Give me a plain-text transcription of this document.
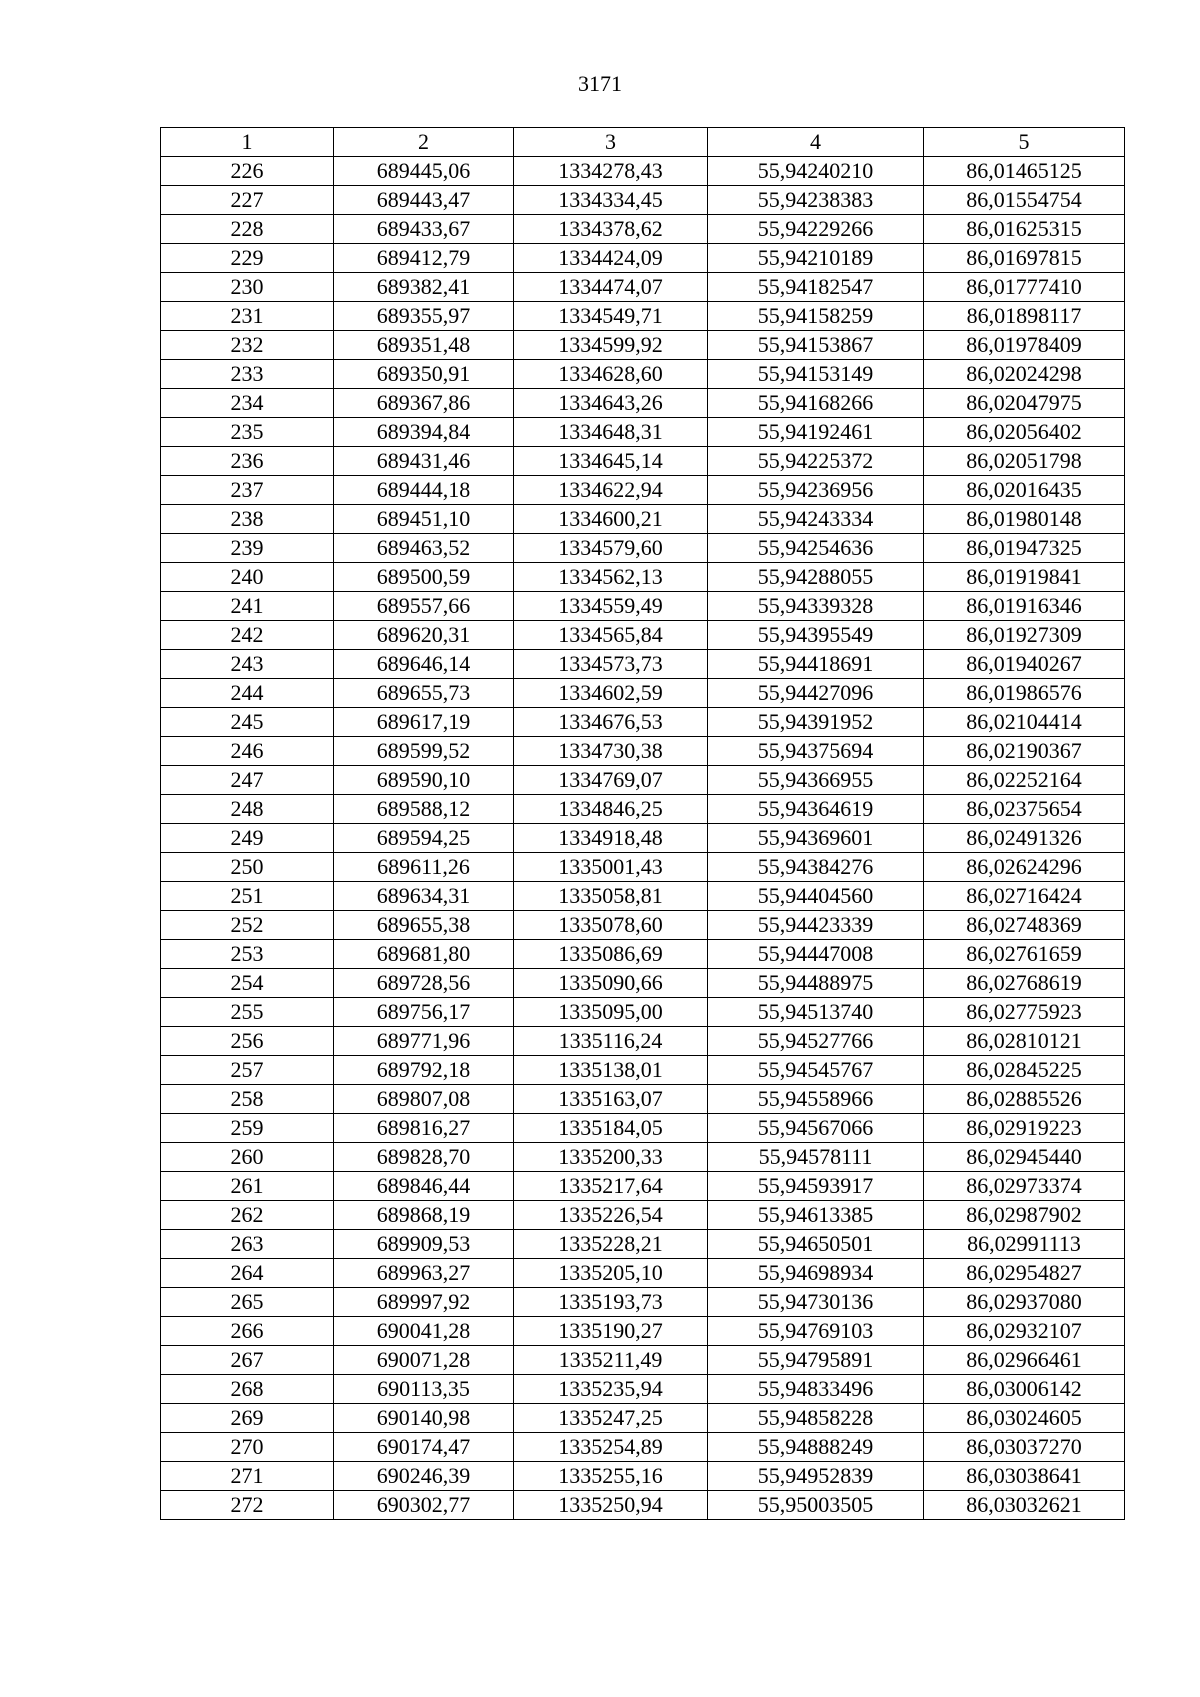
3171
1	2	3	4	5
226	689445,06	1334278,43	55,94240210	86,01465125
227	689443,47	1334334,45	55,94238383	86,01554754
228	689433,67	1334378,62	55,94229266	86,01625315
229	689412,79	1334424,09	55,94210189	86,01697815
230	689382,41	1334474,07	55,94182547	86,01777410
231	689355,97	1334549,71	55,94158259	86,01898117
232	689351,48	1334599,92	55,94153867	86,01978409
233	689350,91	1334628,60	55,94153149	86,02024298
234	689367,86	1334643,26	55,94168266	86,02047975
235	689394,84	1334648,31	55,94192461	86,02056402
236	689431,46	1334645,14	55,94225372	86,02051798
237	689444,18	1334622,94	55,94236956	86,02016435
238	689451,10	1334600,21	55,94243334	86,01980148
239	689463,52	1334579,60	55,94254636	86,01947325
240	689500,59	1334562,13	55,94288055	86,01919841
241	689557,66	1334559,49	55,94339328	86,01916346
242	689620,31	1334565,84	55,94395549	86,01927309
243	689646,14	1334573,73	55,94418691	86,01940267
244	689655,73	1334602,59	55,94427096	86,01986576
245	689617,19	1334676,53	55,94391952	86,02104414
246	689599,52	1334730,38	55,94375694	86,02190367
247	689590,10	1334769,07	55,94366955	86,02252164
248	689588,12	1334846,25	55,94364619	86,02375654
249	689594,25	1334918,48	55,94369601	86,02491326
250	689611,26	1335001,43	55,94384276	86,02624296
251	689634,31	1335058,81	55,94404560	86,02716424
252	689655,38	1335078,60	55,94423339	86,02748369
253	689681,80	1335086,69	55,94447008	86,02761659
254	689728,56	1335090,66	55,94488975	86,02768619
255	689756,17	1335095,00	55,94513740	86,02775923
256	689771,96	1335116,24	55,94527766	86,02810121
257	689792,18	1335138,01	55,94545767	86,02845225
258	689807,08	1335163,07	55,94558966	86,02885526
259	689816,27	1335184,05	55,94567066	86,02919223
260	689828,70	1335200,33	55,94578111	86,02945440
261	689846,44	1335217,64	55,94593917	86,02973374
262	689868,19	1335226,54	55,94613385	86,02987902
263	689909,53	1335228,21	55,94650501	86,02991113
264	689963,27	1335205,10	55,94698934	86,02954827
265	689997,92	1335193,73	55,94730136	86,02937080
266	690041,28	1335190,27	55,94769103	86,02932107
267	690071,28	1335211,49	55,94795891	86,02966461
268	690113,35	1335235,94	55,94833496	86,03006142
269	690140,98	1335247,25	55,94858228	86,03024605
270	690174,47	1335254,89	55,94888249	86,03037270
271	690246,39	1335255,16	55,94952839	86,03038641
272	690302,77	1335250,94	55,95003505	86,03032621
